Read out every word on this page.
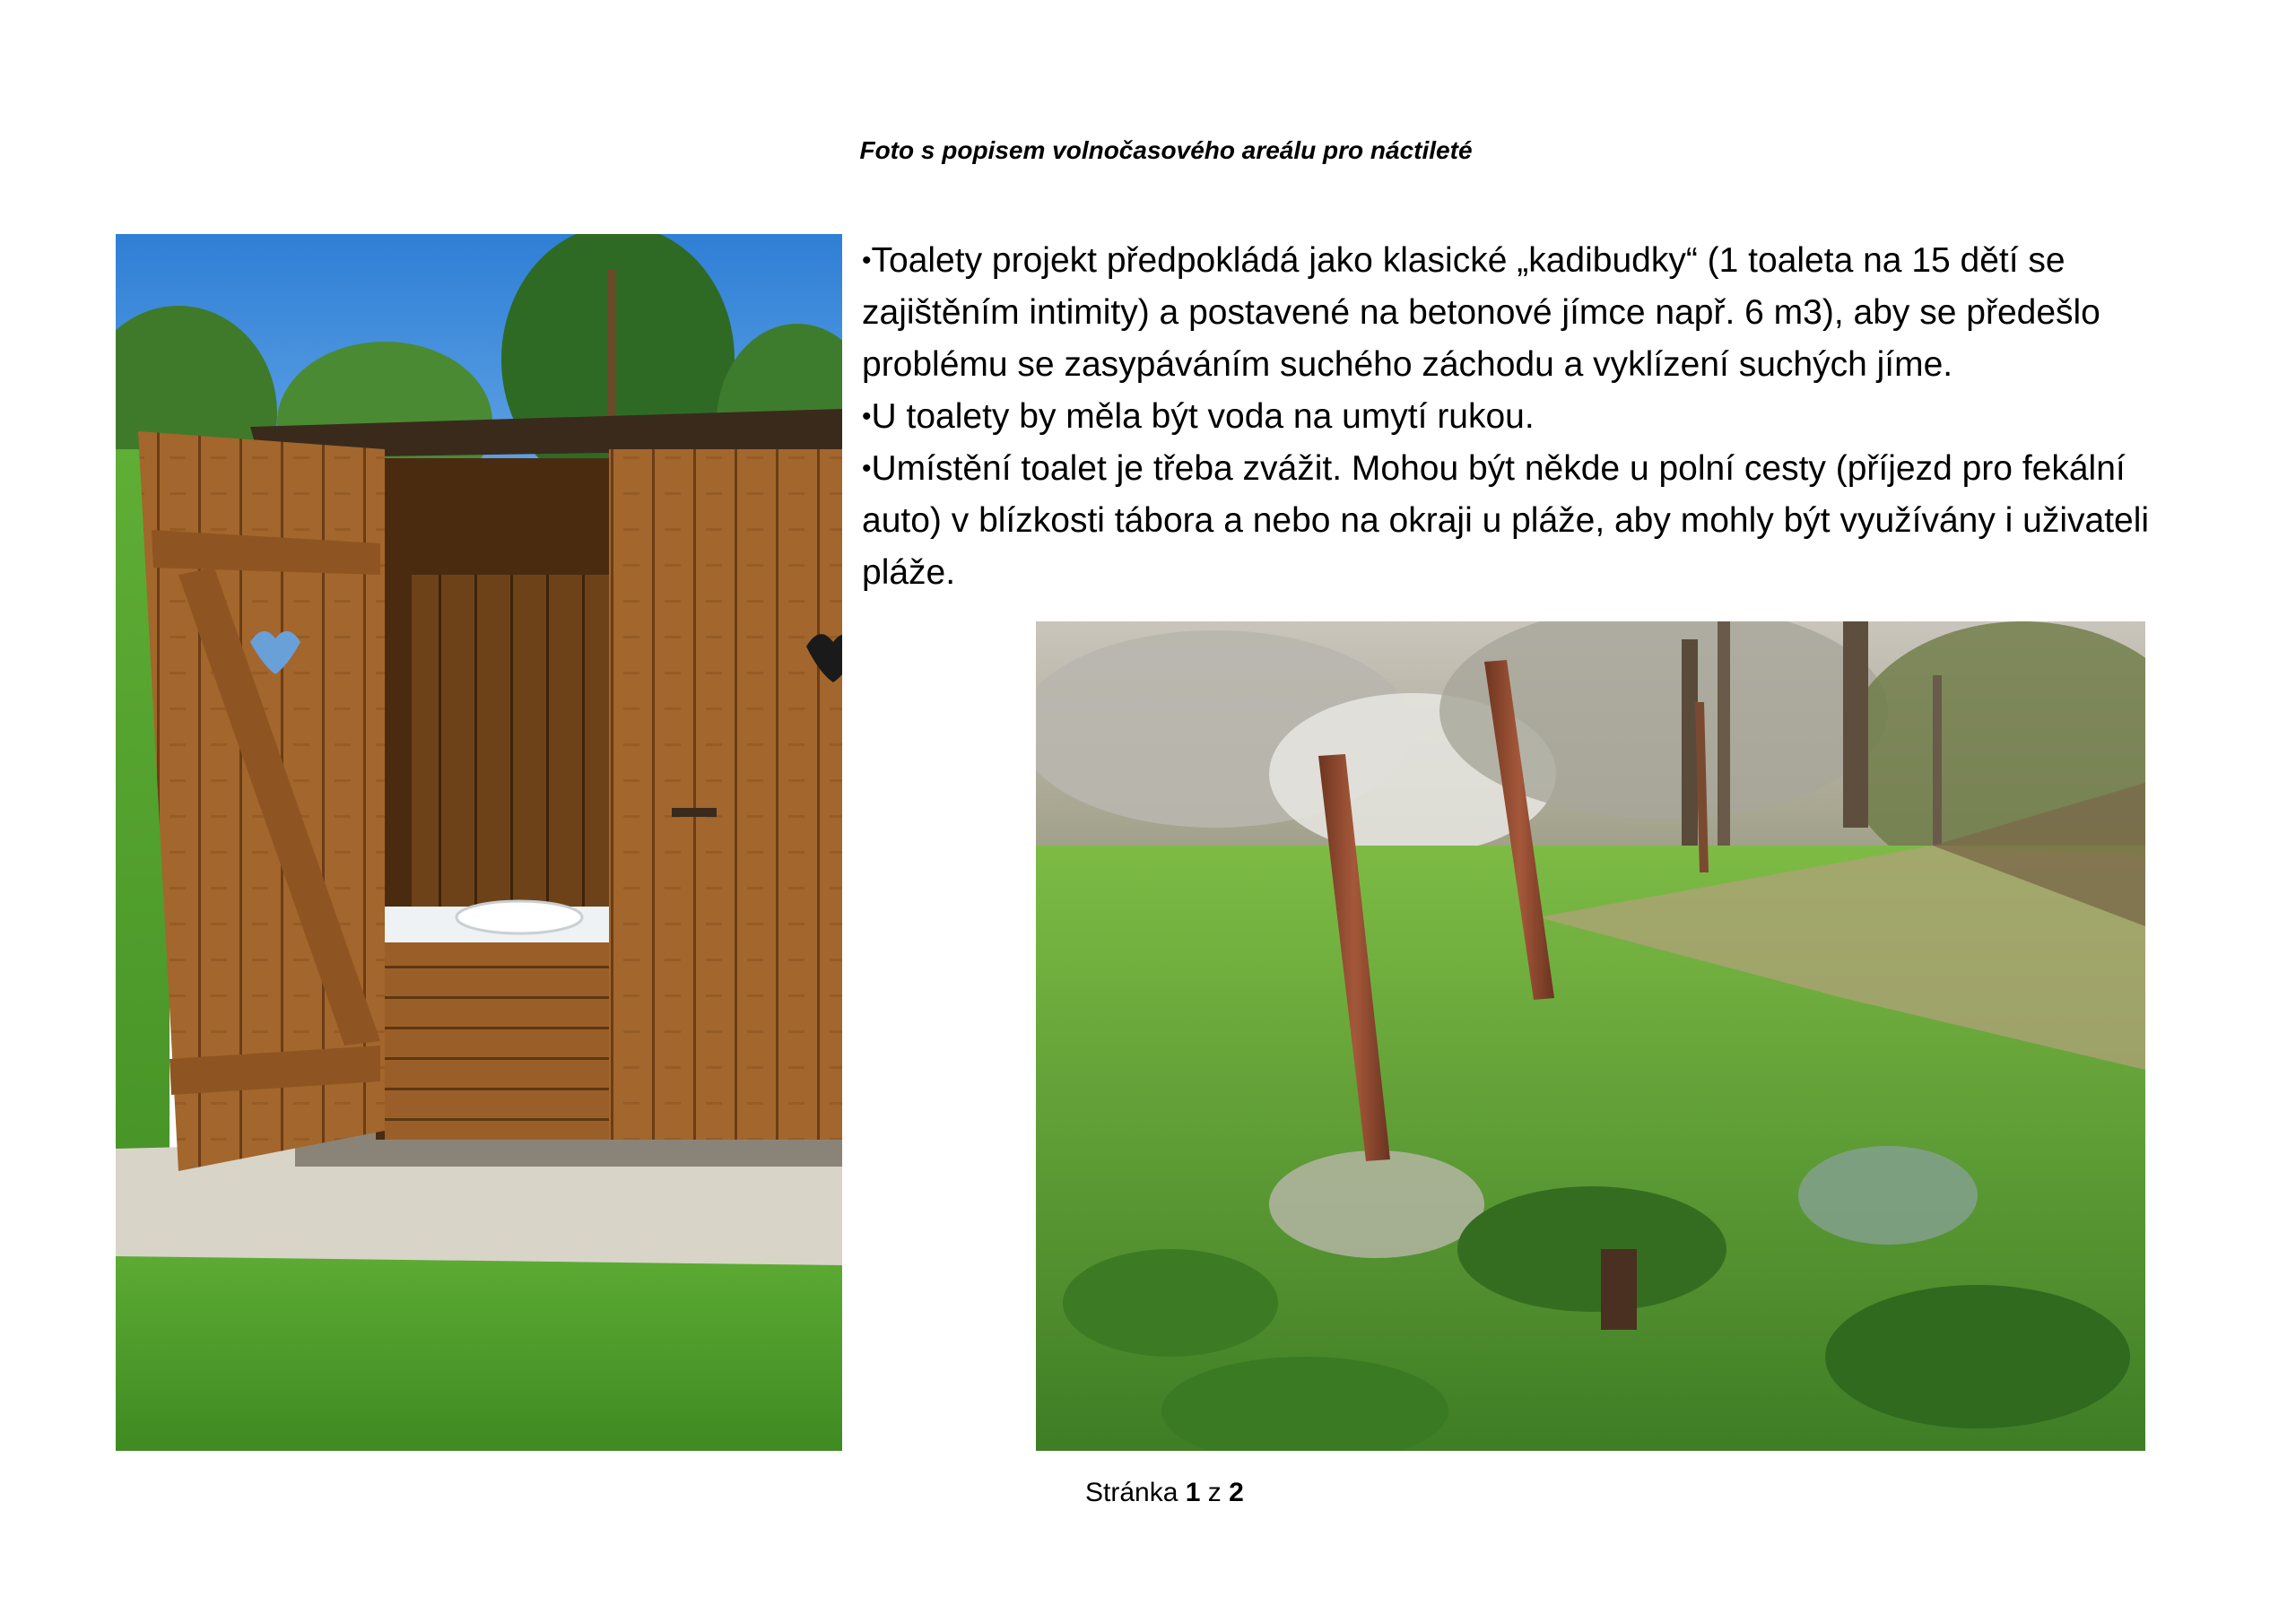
Foto s popisem volnočasového areálu pro náctileté
•Toalety projekt předpokládá jako klasické „kadibudky“ (1 toaleta na 15 dětí se zajištěním intimity) a postavené na betonové jímce např. 6 m3), aby se předešlo problému se zasypáváním suchého záchodu a vyklízení suchých jíme.
•U toalety by měla být voda na umytí rukou.
•Umístění toalet je třeba zvážit. Mohou být někde u polní cesty (příjezd pro fekální auto) v blízkosti tábora a nebo na okraji u pláže, aby mohly být využívány i uživateli pláže.
Stránka 1 z 2
